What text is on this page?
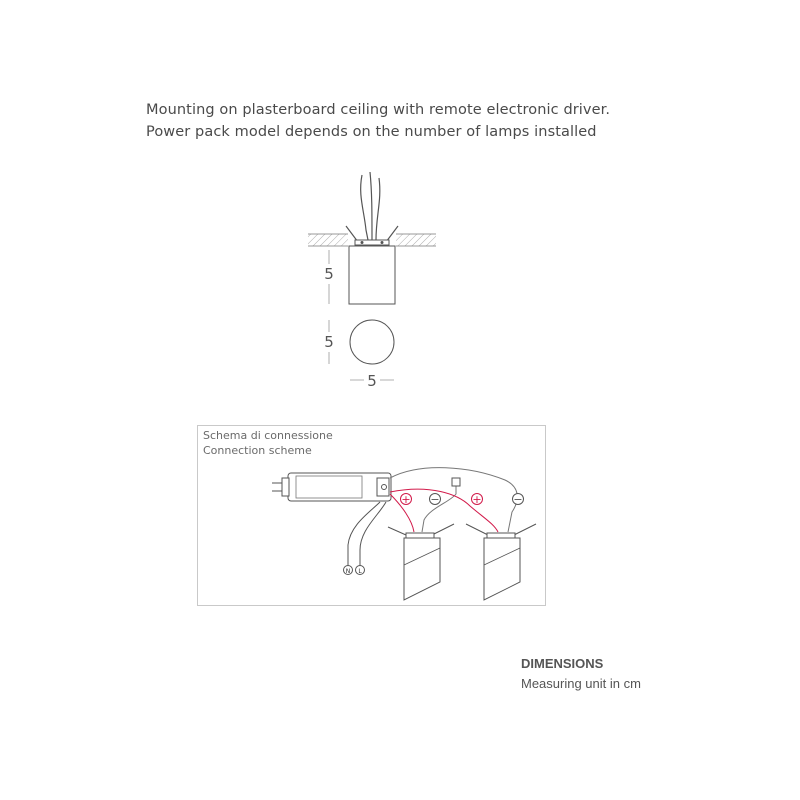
Mounting on plasterboard ceiling with remote electronic driver.
Power pack model depends on the number of lamps installed
5
5
5
N L
+ −	+	−
Schema di connessione
Connection scheme
DIMENSIONS
Measuring unit in cm
